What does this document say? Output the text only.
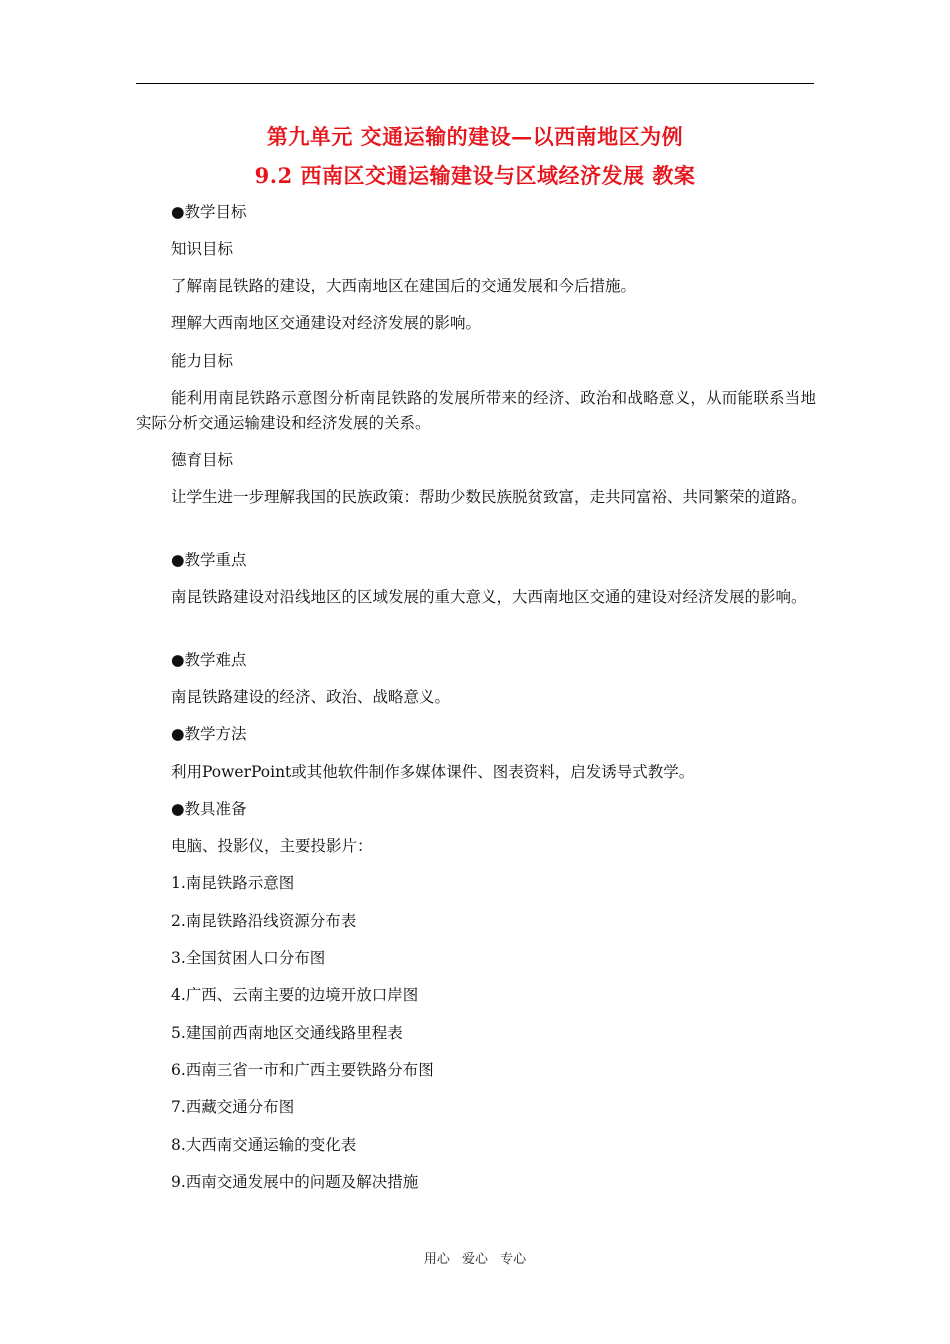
第九单元 交通运输的建设—以西南地区为例
9.2 西南区交通运输建设与区域经济发展 教案
●教学目标
知识目标
了解南昆铁路的建设，大西南地区在建国后的交通发展和今后措施。
理解大西南地区交通建设对经济发展的影响。
能力目标
能利用南昆铁路示意图分析南昆铁路的发展所带来的经济、政治和战略意义，从而能联系当地实际分析交通运输建设和经济发展的关系。
德育目标
让学生进一步理解我国的民族政策：帮助少数民族脱贫致富，走共同富裕、共同繁荣的道路。
●教学重点
南昆铁路建设对沿线地区的区域发展的重大意义，大西南地区交通的建设对经济发展的影响。
●教学难点
南昆铁路建设的经济、政治、战略意义。
●教学方法
利用PowerPoint或其他软件制作多媒体课件、图表资料，启发诱导式教学。
●教具准备
电脑、投影仪，主要投影片：
1.南昆铁路示意图
2.南昆铁路沿线资源分布表
3.全国贫困人口分布图
4.广西、云南主要的边境开放口岸图
5.建国前西南地区交通线路里程表
6.西南三省一市和广西主要铁路分布图
7.西藏交通分布图
8.大西南交通运输的变化表
9.西南交通发展中的问题及解决措施
用心 爱心 专心
